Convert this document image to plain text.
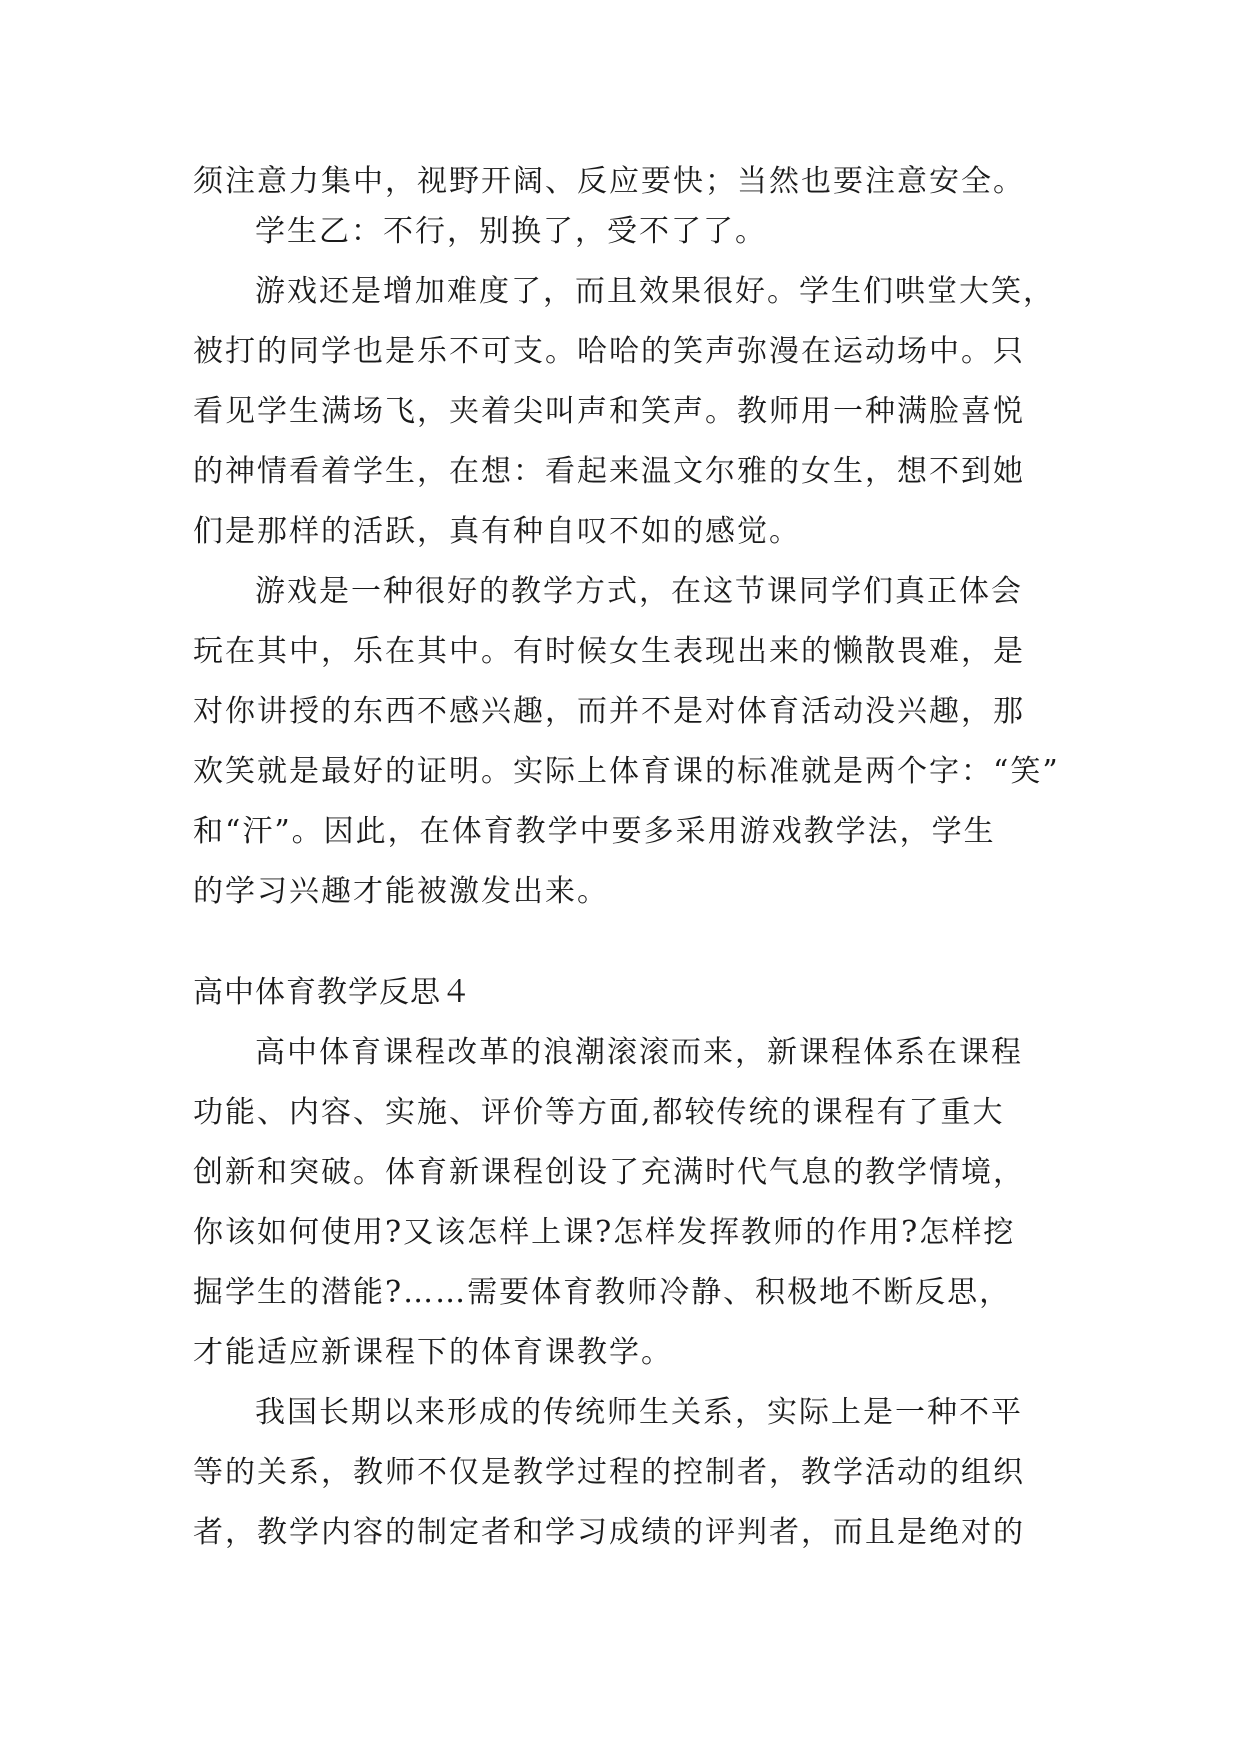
须注意力集中，视野开阔、反应要快；当然也要注意安全。
学生乙：不行，别换了，受不了了。
游戏还是增加难度了，而且效果很好。学生们哄堂大笑，
被打的同学也是乐不可支。哈哈的笑声弥漫在运动场中。只
看见学生满场飞，夹着尖叫声和笑声。教师用一种满脸喜悦
的神情看着学生，在想：看起来温文尔雅的女生，想不到她
们是那样的活跃，真有种自叹不如的感觉。
游戏是一种很好的教学方式，在这节课同学们真正体会
玩在其中，乐在其中。有时候女生表现出来的懒散畏难，是
对你讲授的东西不感兴趣，而并不是对体育活动没兴趣，那
欢笑就是最好的证明。实际上体育课的标准就是两个字：“笑”
和“汗”。因此，在体育教学中要多采用游戏教学法，学生
的学习兴趣才能被激发出来。
高中体育教学反思４
高中体育课程改革的浪潮滚滚而来，新课程体系在课程
功能、内容、实施、评价等方面,都较传统的课程有了重大
创新和突破。体育新课程创设了充满时代气息的教学情境，
你该如何使用?又该怎样上课?怎样发挥教师的作用?怎样挖
掘学生的潜能?……需要体育教师冷静、积极地不断反思，
才能适应新课程下的体育课教学。
我国长期以来形成的传统师生关系，实际上是一种不平
等的关系，教师不仅是教学过程的控制者，教学活动的组织
者，教学内容的制定者和学习成绩的评判者，而且是绝对的
